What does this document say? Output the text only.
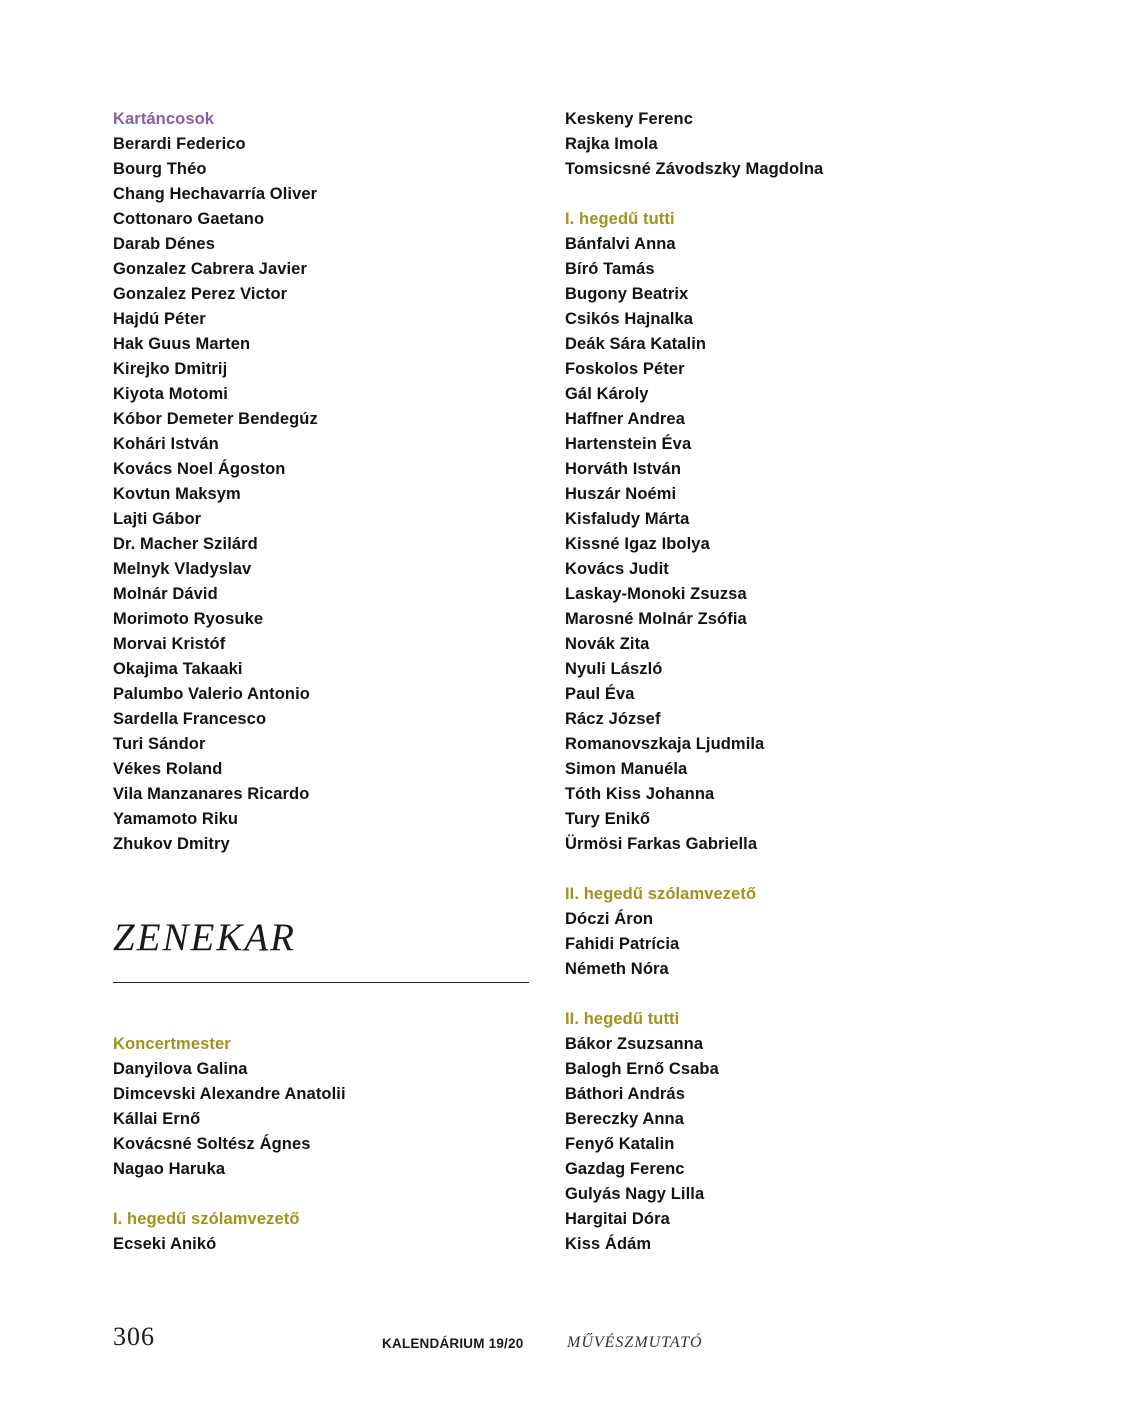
Kartáncosok
Berardi Federico
Bourg Théo
Chang Hechavarría Oliver
Cottonaro Gaetano
Darab Dénes
Gonzalez Cabrera Javier
Gonzalez Perez Victor
Hajdú Péter
Hak Guus Marten
Kirejko Dmitrij
Kiyota Motomi
Kóbor Demeter Bendegúz
Kohári István
Kovács Noel Ágoston
Kovtun Maksym
Lajti Gábor
Dr. Macher Szilárd
Melnyk Vladyslav
Molnár Dávid
Morimoto Ryosuke
Morvai Kristóf
Okajima Takaaki
Palumbo Valerio Antonio
Sardella Francesco
Turi Sándor
Vékes Roland
Vila Manzanares Ricardo
Yamamoto Riku
Zhukov Dmitry
ZENEKAR
Koncertmester
Danyilova Galina
Dimcevski Alexandre Anatolii
Kállai Ernő
Kovácsné Soltész Ágnes
Nagao Haruka
I. hegedű szólamvezető
Ecseki Anikó
Keskeny Ferenc
Rajka Imola
Tomsicsné Závodszky Magdolna
I. hegedű tutti
Bánfalvi Anna
Bíró Tamás
Bugony Beatrix
Csikós Hajnalka
Deák Sára Katalin
Foskolos Péter
Gál Károly
Haffner Andrea
Hartenstein Éva
Horváth István
Huszár Noémi
Kisfaludy Márta
Kissné Igaz Ibolya
Kovács Judit
Laskay-Monoki Zsuzsa
Marosné Molnár Zsófia
Novák Zita
Nyuli László
Paul Éva
Rácz József
Romanovszkaja Ljudmila
Simon Manuéla
Tóth Kiss Johanna
Tury Enikő
Ürmösi Farkas Gabriella
II. hegedű szólamvezető
Dóczi Áron
Fahidi Patrícia
Németh Nóra
II. hegedű tutti
Bákor Zsuzsanna
Balogh Ernő Csaba
Báthori András
Bereczky Anna
Fenyő Katalin
Gazdag Ferenc
Gulyás Nagy Lilla
Hargitai Dóra
Kiss Ádám
306	KALENDÁRIUM 19/20	MŰVÉSZMUTATÓ
